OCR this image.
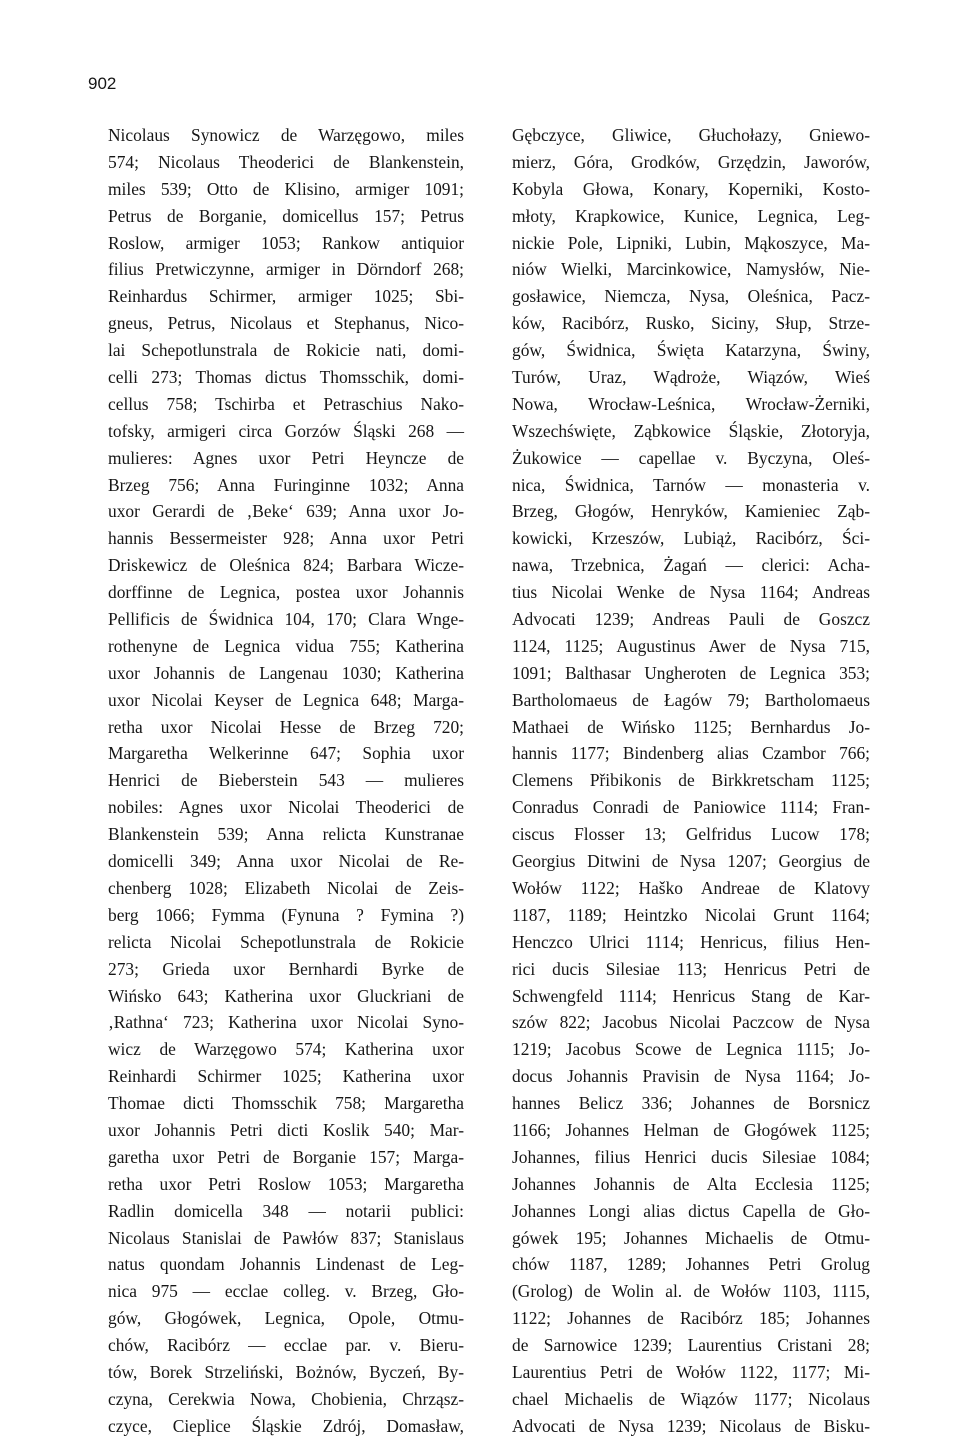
902
Nicolaus Synowicz de Warzęgowo, miles
574; Nicolaus Theoderici de Blankenstein,
miles 539; Otto de Klisino, armiger 1091;
Petrus de Borganie, domicellus 157; Petrus
Roslow, armiger 1053; Rankow antiquior
filius Pretwiczynne, armiger in Dörndorf 268;
Reinhardus Schirmer, armiger 1025; Sbi-
gneus, Petrus, Nicolaus et Stephanus, Nico-
lai Schepotlunstrala de Rokicie nati, domi-
celli 273; Thomas dictus Thomsschik, domi-
cellus 758; Tschirba et Petraschius Nako-
tofsky, armigeri circa Gorzów Śląski 268 —
mulieres: Agnes uxor Petri Heyncze de
Brzeg 756; Anna Furinginne 1032; Anna
uxor Gerardi de ‚Beke‘ 639; Anna uxor Jo-
hannis Bessermeister 928; Anna uxor Petri
Driskewicz de Oleśnica 824; Barbara Wicze-
dorffinne de Legnica, postea uxor Johannis
Pellificis de Świdnica 104, 170; Clara Wnge-
rothenyne de Legnica vidua 755; Katherina
uxor Johannis de Langenau 1030; Katherina
uxor Nicolai Keyser de Legnica 648; Marga-
retha uxor Nicolai Hesse de Brzeg 720;
Margaretha Welkerinne 647; Sophia uxor
Henrici de Bieberstein 543 — mulieres
nobiles: Agnes uxor Nicolai Theoderici de
Blankenstein 539; Anna relicta Kunstranae
domicelli 349; Anna uxor Nicolai de Re-
chenberg 1028; Elizabeth Nicolai de Zeis-
berg 1066; Fymma (Fynuna ? Fymina ?)
relicta Nicolai Schepotlunstrala de Rokicie
273; Grieda uxor Bernhardi Byrke de
Wińsko 643; Katherina uxor Gluckriani de
‚Rathna‘ 723; Katherina uxor Nicolai Syno-
wicz de Warzęgowo 574; Katherina uxor
Reinhardi Schirmer 1025; Katherina uxor
Thomae dicti Thomsschik 758; Margaretha
uxor Johannis Petri dicti Koslik 540; Mar-
garetha uxor Petri de Borganie 157; Marga-
retha uxor Petri Roslow 1053; Margaretha
Radlin domicella 348 — notarii publici:
Nicolaus Stanislai de Pawłów 837; Stanislaus
natus quondam Johannis Lindenast de Leg-
nica 975 — ecclae colleg. v. Brzeg, Gło-
gów, Głogówek, Legnica, Opole, Otmu-
chów, Racibórz — ecclae par. v. Bieru-
tów, Borek Strzeliński, Bożnów, Byczeń, By-
czyna, Cerekwia Nowa, Chobienia, Chrząsz-
czyce, Cieplice Śląskie Zdrój, Domasław,
Gębczyce, Gliwice, Głuchołazy, Gniewo-
mierz, Góra, Grodków, Grzędzin, Jaworów,
Kobyla Głowa, Konary, Koperniki, Kosto-
młoty, Krapkowice, Kunice, Legnica, Leg-
nickie Pole, Lipniki, Lubin, Mąkoszyce, Ma-
niów Wielki, Marcinkowice, Namysłów, Nie-
gosławice, Niemcza, Nysa, Oleśnica, Pacz-
ków, Racibórz, Rusko, Siciny, Słup, Strze-
gów, Świdnica, Święta Katarzyna, Świny,
Turów, Uraz, Wądroże, Wiązów, Wieś
Nowa, Wrocław-Leśnica, Wrocław-Żerniki,
Wszechświęte, Ząbkowice Śląskie, Złotoryja,
Żukowice — capellae v. Byczyna, Oleś-
nica, Świdnica, Tarnów — monasteria v.
Brzeg, Głogów, Henryków, Kamieniec Ząb-
kowicki, Krzeszów, Lubiąż, Racibórz, Ści-
nawa, Trzebnica, Żagań — clerici: Acha-
tius Nicolai Wenke de Nysa 1164; Andreas
Advocati 1239; Andreas Pauli de Goszcz
1124, 1125; Augustinus Awer de Nysa 715,
1091; Balthasar Ungheroten de Legnica 353;
Bartholomaeus de Łagów 79; Bartholomaeus
Mathaei de Wińsko 1125; Bernhardus Jo-
hannis 1177; Bindenberg alias Czambor 766;
Clemens Přibikonis de Birkkretscham 1125;
Conradus Conradi de Paniowice 1114; Fran-
ciscus Flosser 13; Gelfridus Lucow 178;
Georgius Ditwini de Nysa 1207; Georgius de
Wołów 1122; Haško Andreae de Klatovy
1187, 1189; Heintzko Nicolai Grunt 1164;
Henczco Ulrici 1114; Henricus, filius Hen-
rici ducis Silesiae 113; Henricus Petri de
Schwengfeld 1114; Henricus Stang de Kar-
szów 822; Jacobus Nicolai Paczcow de Nysa
1219; Jacobus Scowe de Legnica 1115; Jo-
docus Johannis Pravisin de Nysa 1164; Jo-
hannes Belicz 336; Johannes de Borsnicz
1166; Johannes Helman de Głogówek 1125;
Johannes, filius Henrici ducis Silesiae 1084;
Johannes Johannis de Alta Ecclesia 1125;
Johannes Longi alias dictus Capella de Gło-
gówek 195; Johannes Michaelis de Otmu-
chów 1187, 1289; Johannes Petri Grolug
(Grolog) de Wolin al. de Wołów 1103, 1115,
1122; Johannes de Racibórz 185; Johannes
de Sarnowice 1239; Laurentius Cristani 28;
Laurentius Petri de Wołów 1122, 1177; Mi-
chael Michaelis de Wiązów 1177; Nicolaus
Advocati de Nysa 1239; Nicolaus de Bisku-
